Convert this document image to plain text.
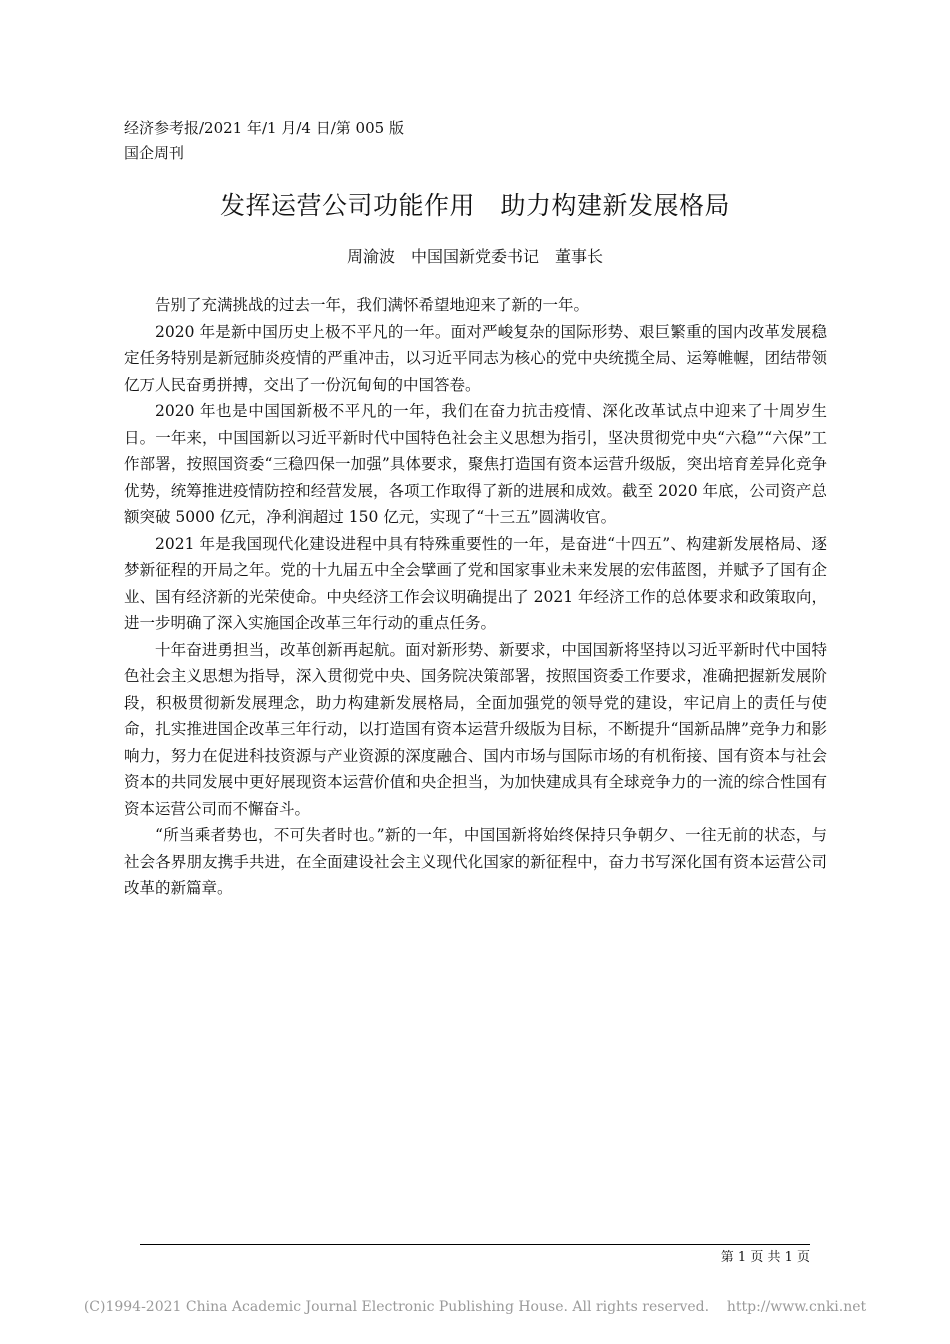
经济参考报/2021 年/1 月/4 日/第 005 版
国企周刊
发挥运营公司功能作用　助力构建新发展格局
周渝波　中国国新党委书记　董事长

告别了充满挑战的过去一年，我们满怀希望地迎来了新的一年。

2020 年是新中国历史上极不平凡的一年。面对严峻复杂的国际形势、艰巨繁重的国内改革发展稳定任务特别是新冠肺炎疫情的严重冲击，以习近平同志为核心的党中央统揽全局、运筹帷幄，团结带领亿万人民奋勇拼搏，交出了一份沉甸甸的中国答卷。

2020 年也是中国国新极不平凡的一年，我们在奋力抗击疫情、深化改革试点中迎来了十周岁生日。一年来，中国国新以习近平新时代中国特色社会主义思想为指引，坚决贯彻党中央“六稳”“六保”工作部署，按照国资委“三稳四保一加强”具体要求，聚焦打造国有资本运营升级版，突出培育差异化竞争优势，统筹推进疫情防控和经营发展，各项工作取得了新的进展和成效。截至 2020 年底，公司资产总额突破 5000 亿元，净利润超过 150 亿元，实现了“十三五”圆满收官。

2021 年是我国现代化建设进程中具有特殊重要性的一年，是奋进“十四五”、构建新发展格局、逐梦新征程的开局之年。党的十九届五中全会擘画了党和国家事业未来发展的宏伟蓝图，并赋予了国有企业、国有经济新的光荣使命。中央经济工作会议明确提出了 2021 年经济工作的总体要求和政策取向，进一步明确了深入实施国企改革三年行动的重点任务。

十年奋进勇担当，改革创新再起航。面对新形势、新要求，中国国新将坚持以习近平新时代中国特色社会主义思想为指导，深入贯彻党中央、国务院决策部署，按照国资委工作要求，准确把握新发展阶段，积极贯彻新发展理念，助力构建新发展格局，全面加强党的领导党的建设，牢记肩上的责任与使命，扎实推进国企改革三年行动，以打造国有资本运营升级版为目标，不断提升“国新品牌”竞争力和影响力，努力在促进科技资源与产业资源的深度融合、国内市场与国际市场的有机衔接、国有资本与社会资本的共同发展中更好展现资本运营价值和央企担当，为加快建成具有全球竞争力的一流的综合性国有资本运营公司而不懈奋斗。

“所当乘者势也，不可失者时也。”新的一年，中国国新将始终保持只争朝夕、一往无前的状态，与社会各界朋友携手共进，在全面建设社会主义现代化国家的新征程中，奋力书写深化国有资本运营公司改革的新篇章。

第 1 页 共 1 页
(C)1994-2021 China Academic Journal Electronic Publishing House. All rights reserved.    http://www.cnki.net
